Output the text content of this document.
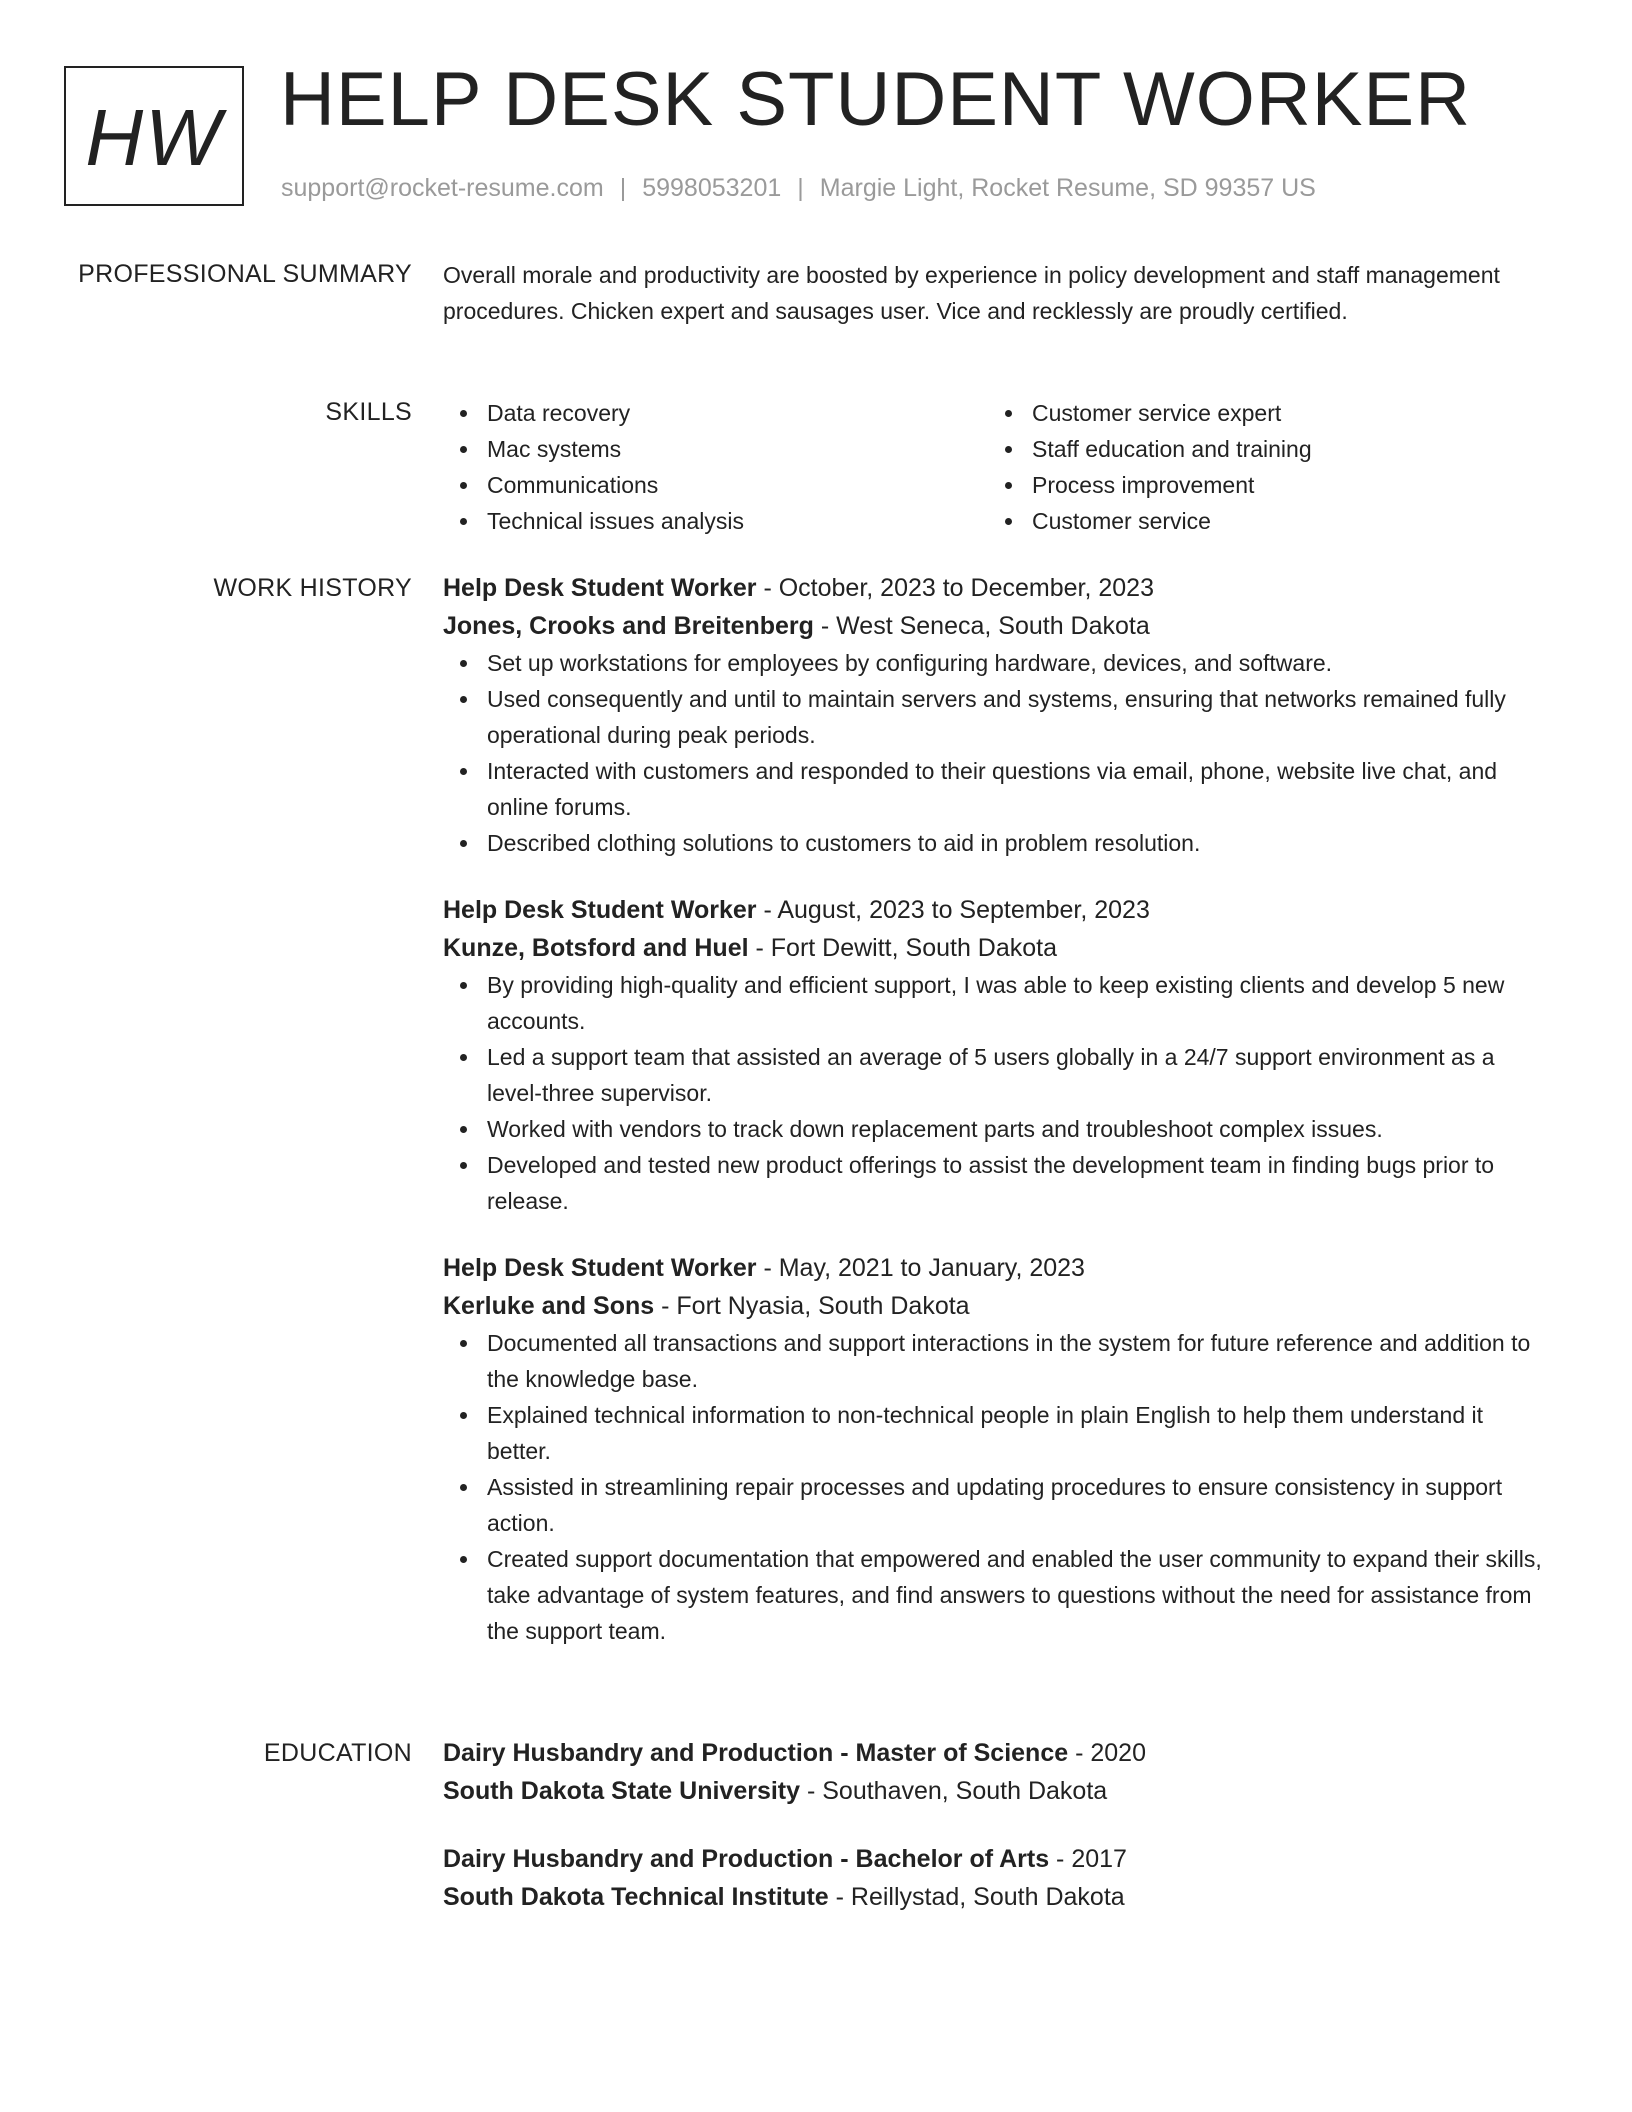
HW HELP DESK STUDENT WORKER
support@rocket-resume.com | 5998053201 | Margie Light, Rocket Resume, SD 99357 US
PROFESSIONAL SUMMARY Overall morale and productivity are boosted by experience in policy development and staff management procedures. Chicken expert and sausages user. Vice and recklessly are proudly certified.

SKILLS	Data recovery
Mac systems
Communications
Technical issues analysis
Customer service expert
Staff education and training
Process improvement
Customer service
WORK HISTORY Help Desk Student Worker - October, 2023 to December, 2023
Jones, Crooks and Breitenberg - West Seneca, South Dakota
Set up workstations for employees by configuring hardware, devices, and software.
Used consequently and until to maintain servers and systems, ensuring that networks remained fully operational during peak periods.
Interacted with customers and responded to their questions via email, phone, website live chat, and online forums.
Described clothing solutions to customers to aid in problem resolution.
Help Desk Student Worker - August, 2023 to September, 2023
Kunze, Botsford and Huel - Fort Dewitt, South Dakota
By providing high-quality and efficient support, I was able to keep existing clients and develop 5 new accounts.
Led a support team that assisted an average of 5 users globally in a 24/7 support environment as a level-three supervisor.
Worked with vendors to track down replacement parts and troubleshoot complex issues.
Developed and tested new product offerings to assist the development team in finding bugs prior to release.
Help Desk Student Worker - May, 2021 to January, 2023
Kerluke and Sons - Fort Nyasia, South Dakota
Documented all transactions and support interactions in the system for future reference and addition to the knowledge base.
Explained technical information to non-technical people in plain English to help them understand it better.
Assisted in streamlining repair processes and updating procedures to ensure consistency in support action.
Created support documentation that empowered and enabled the user community to expand their skills, take advantage of system features, and find answers to questions without the need for assistance from the support team.
EDUCATION Dairy Husbandry and Production - Master of Science - 2020
South Dakota State University - Southaven, South Dakota
Dairy Husbandry and Production - Bachelor of Arts - 2017
South Dakota Technical Institute - Reillystad, South Dakota
